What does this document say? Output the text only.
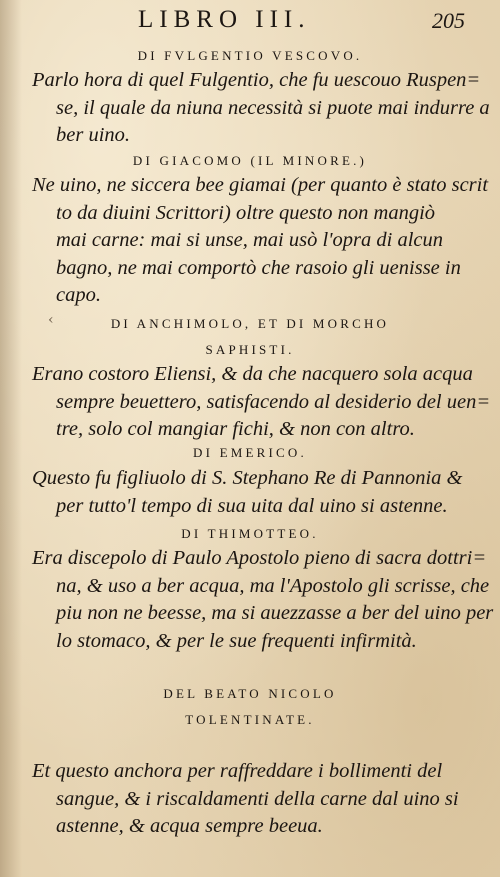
LIBRO III.	205
DI FVLGENTIO VESCOVO.
Parlo hora di quel Fulgentio, che fu uescouo Ruspen=
se, il quale da niuna necessità si puote mai indurre a
ber uino.
DI GIACOMO (IL MINORE.)
Ne uino, ne siccera bee giamai (per quanto è stato scrit
to da diuini Scrittori) oltre questo non mangiò
mai carne: mai si unse, mai usò l'opra di alcun
bagno, ne mai comportò che rasoio gli uenisse in
capo.
‹	DI ANCHIMOLO, ET DI MORCHO
SAPHISTI.
Erano costoro Eliensi, & da che nacquero sola acqua
sempre beuettero, satisfacendo al desiderio del uen=
tre, solo col mangiar fichi, & non con altro.
DI EMERICO.
Questo fu figliuolo di S. Stephano Re di Pannonia &
per tutto'l tempo di sua uita dal uino si astenne.
DI THIMOTTEO.
Era discepolo di Paulo Apostolo pieno di sacra dottri=
na, & uso a ber acqua, ma l'Apostolo gli scrisse, che
piu non ne beesse, ma si auezzasse a ber del uino per
lo stomaco, & per le sue frequenti infirmità.
DEL BEATO NICOLO
TOLENTINATE.
Et questo anchora per raffreddare i bollimenti del
sangue, & i riscaldamenti della carne dal uino si
astenne, & acqua sempre beeua.
